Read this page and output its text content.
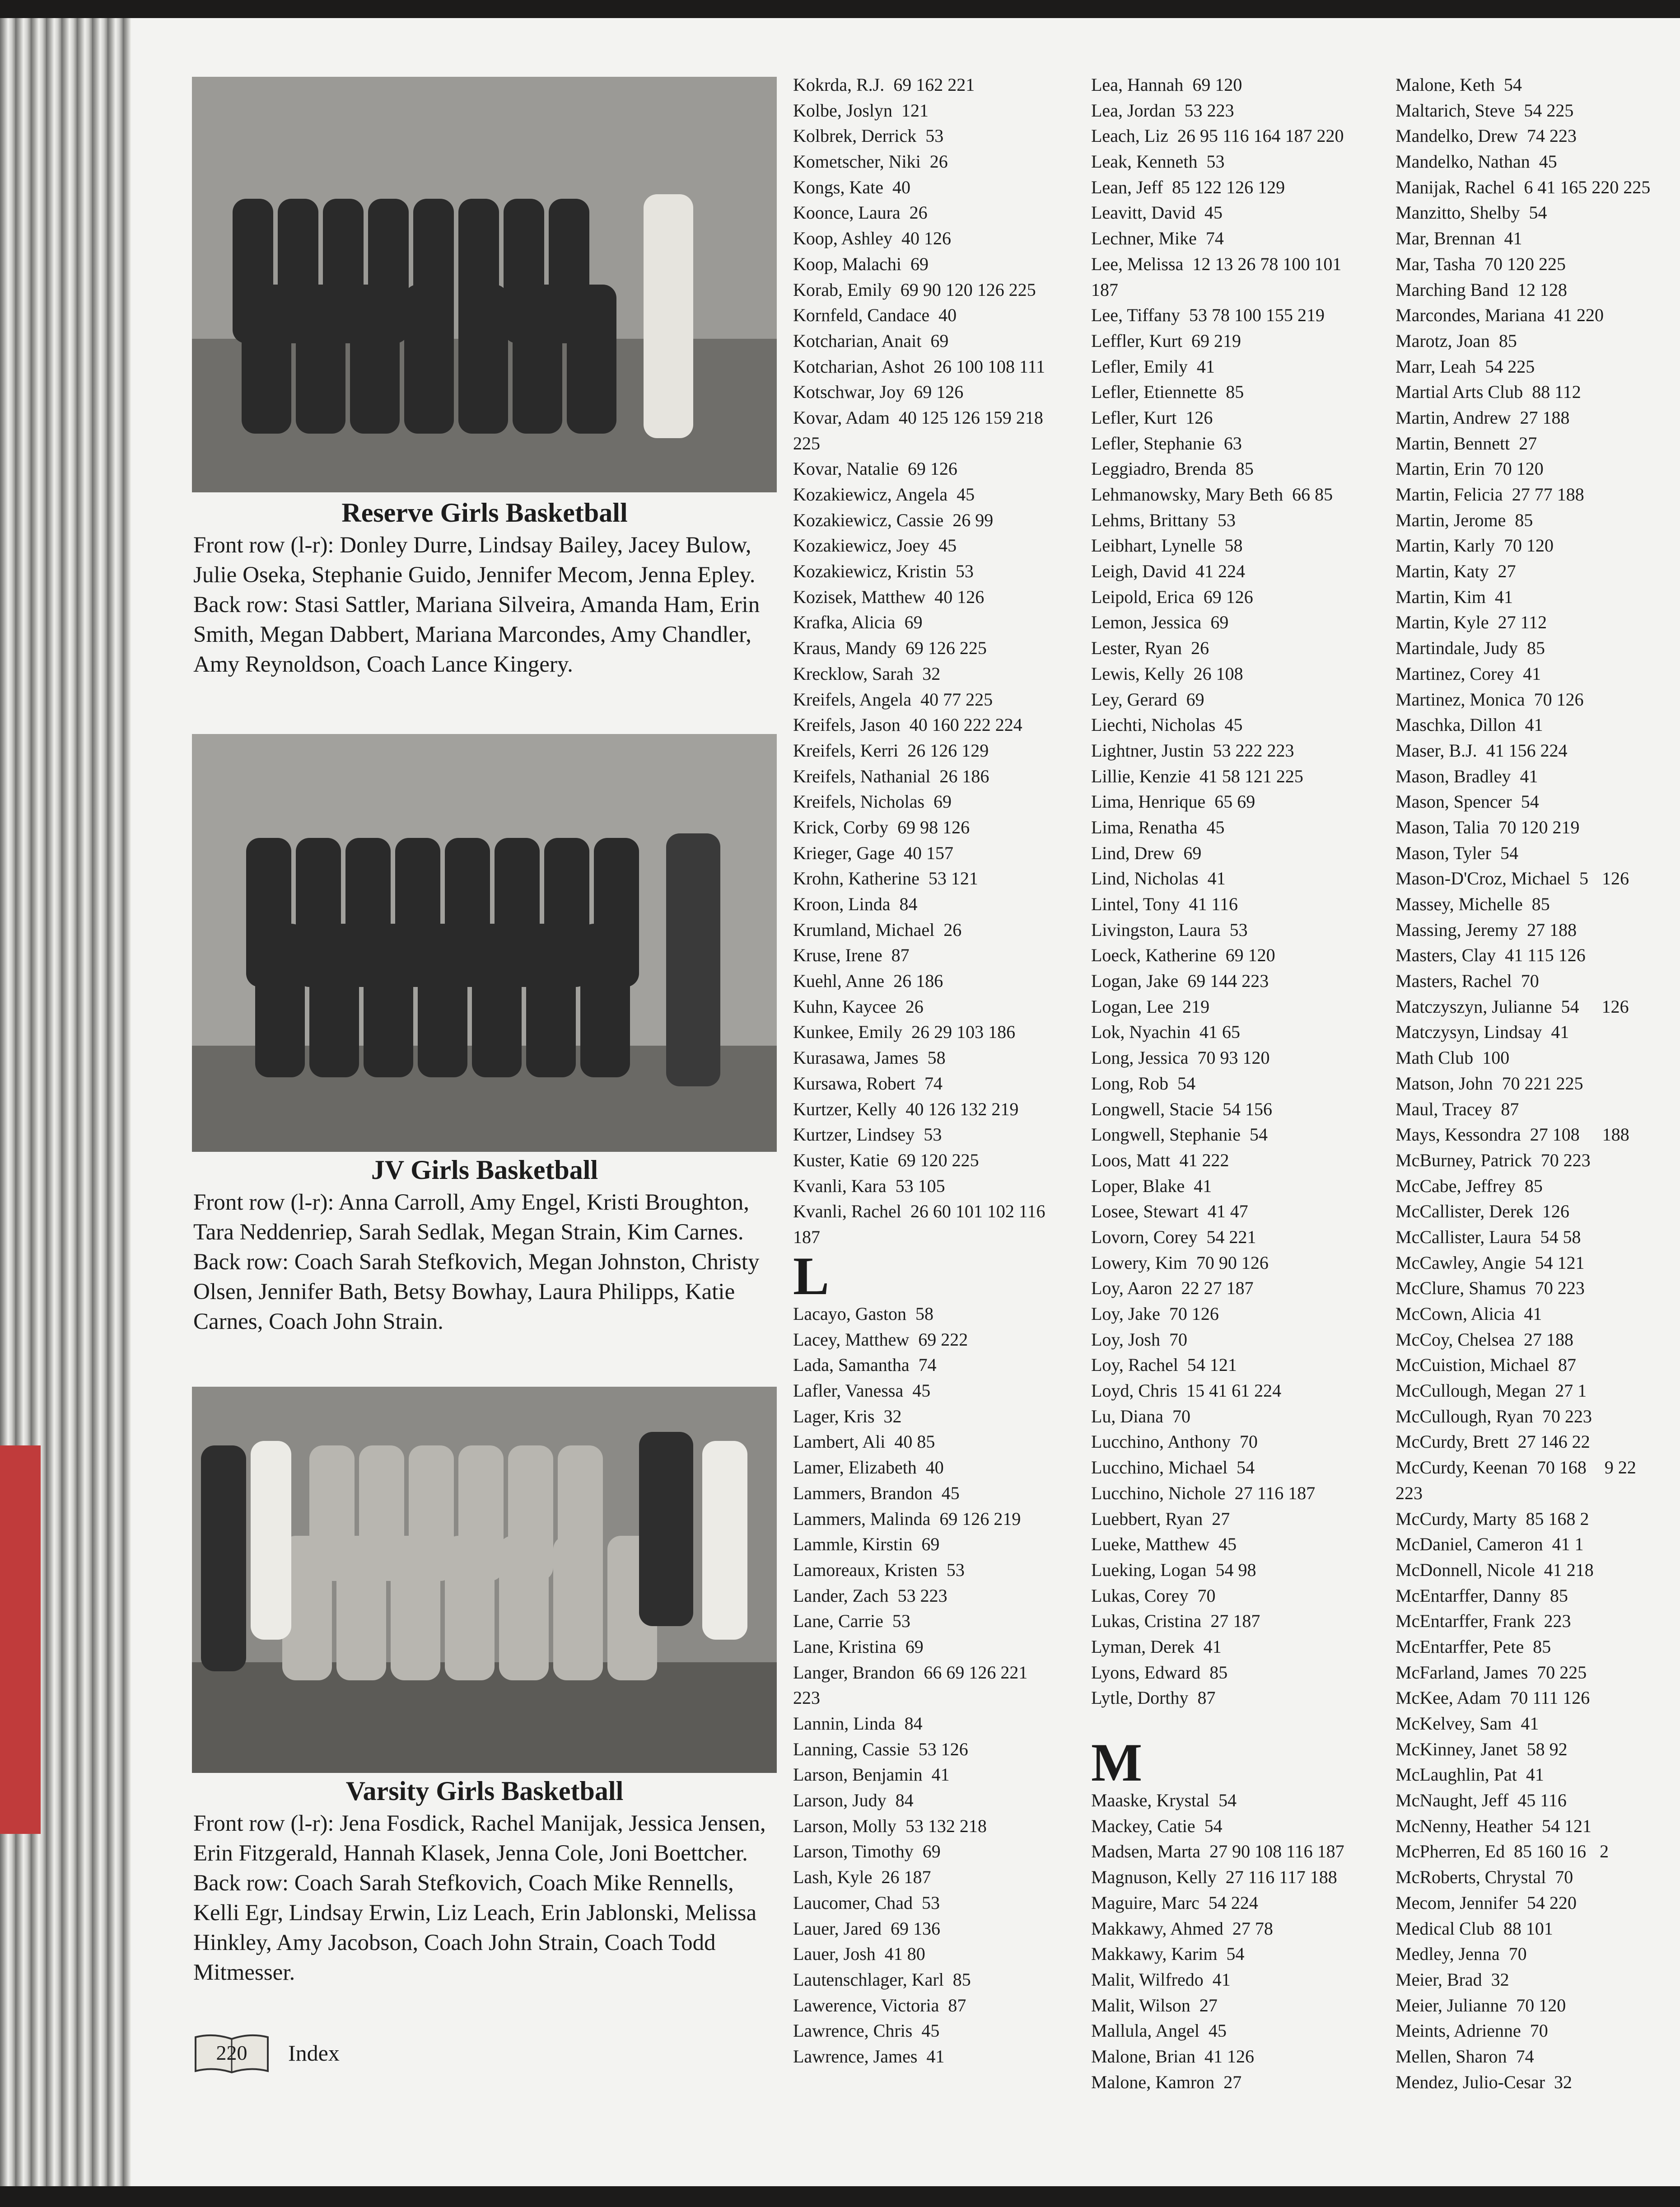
Reserve Girls Basketball
Front row (l-r): Donley Durre, Lindsay Bailey, Jacey Bulow, Julie Oseka, Stephanie Guido, Jennifer Mecom, Jenna Epley. Back row: Stasi Sattler, Mariana Silveira, Amanda Ham, Erin Smith, Megan Dabbert, Mariana Marcondes, Amy Chandler, Amy Reynoldson, Coach Lance Kingery.
JV Girls Basketball
Front row (l-r): Anna Carroll, Amy Engel, Kristi Broughton, Tara Neddenriep, Sarah Sedlak, Megan Strain, Kim Carnes. Back row: Coach Sarah Stefkovich, Megan Johnston, Christy Olsen, Jennifer Bath, Betsy Bowhay, Laura Philipps, Katie Carnes, Coach John Strain.
Varsity Girls Basketball
Front row (l-r): Jena Fosdick, Rachel Manijak, Jessica Jensen, Erin Fitzgerald, Hannah Klasek, Jenna Cole, Joni Boettcher. Back row: Coach Sarah Stefkovich, Coach Mike Rennells, Kelli Egr, Lindsay Erwin, Liz Leach, Erin Jablonski, Melissa Hinkley, Amy Jacobson, Coach John Strain, Coach Todd Mitmesser.
Kokrda, R.J.  69 162 221
Kolbe, Joslyn  121
Kolbrek, Derrick  53
Kometscher, Niki  26
Kongs, Kate  40
Koonce, Laura  26
Koop, Ashley  40 126
Koop, Malachi  69
Korab, Emily  69 90 120 126 225
Kornfeld, Candace  40
Kotcharian, Anait  69
Kotcharian, Ashot  26 100 108 111
Kotschwar, Joy  69 126
Kovar, Adam  40 125 126 159 218
225
Kovar, Natalie  69 126
Kozakiewicz, Angela  45
Kozakiewicz, Cassie  26 99
Kozakiewicz, Joey  45
Kozakiewicz, Kristin  53
Kozisek, Matthew  40 126
Krafka, Alicia  69
Kraus, Mandy  69 126 225
Krecklow, Sarah  32
Kreifels, Angela  40 77 225
Kreifels, Jason  40 160 222 224
Kreifels, Kerri  26 126 129
Kreifels, Nathanial  26 186
Kreifels, Nicholas  69
Krick, Corby  69 98 126
Krieger, Gage  40 157
Krohn, Katherine  53 121
Kroon, Linda  84
Krumland, Michael  26
Kruse, Irene  87
Kuehl, Anne  26 186
Kuhn, Kaycee  26
Kunkee, Emily  26 29 103 186
Kurasawa, James  58
Kursawa, Robert  74
Kurtzer, Kelly  40 126 132 219
Kurtzer, Lindsey  53
Kuster, Katie  69 120 225
Kvanli, Kara  53 105
Kvanli, Rachel  26 60 101 102 116
187
L
Lacayo, Gaston  58
Lacey, Matthew  69 222
Lada, Samantha  74
Lafler, Vanessa  45
Lager, Kris  32
Lambert, Ali  40 85
Lamer, Elizabeth  40
Lammers, Brandon  45
Lammers, Malinda  69 126 219
Lammle, Kirstin  69
Lamoreaux, Kristen  53
Lander, Zach  53 223
Lane, Carrie  53
Lane, Kristina  69
Langer, Brandon  66 69 126 221
223
Lannin, Linda  84
Lanning, Cassie  53 126
Larson, Benjamin  41
Larson, Judy  84
Larson, Molly  53 132 218
Larson, Timothy  69
Lash, Kyle  26 187
Laucomer, Chad  53
Lauer, Jared  69 136
Lauer, Josh  41 80
Lautenschlager, Karl  85
Lawerence, Victoria  87
Lawrence, Chris  45
Lawrence, James  41
Lea, Hannah  69 120
Lea, Jordan  53 223
Leach, Liz  26 95 116 164 187 220
Leak, Kenneth  53
Lean, Jeff  85 122 126 129
Leavitt, David  45
Lechner, Mike  74
Lee, Melissa  12 13 26 78 100 101
187
Lee, Tiffany  53 78 100 155 219
Leffler, Kurt  69 219
Lefler, Emily  41
Lefler, Etiennette  85
Lefler, Kurt  126
Lefler, Stephanie  63
Leggiadro, Brenda  85
Lehmanowsky, Mary Beth  66 85
Lehms, Brittany  53
Leibhart, Lynelle  58
Leigh, David  41 224
Leipold, Erica  69 126
Lemon, Jessica  69
Lester, Ryan  26
Lewis, Kelly  26 108
Ley, Gerard  69
Liechti, Nicholas  45
Lightner, Justin  53 222 223
Lillie, Kenzie  41 58 121 225
Lima, Henrique  65 69
Lima, Renatha  45
Lind, Drew  69
Lind, Nicholas  41
Lintel, Tony  41 116
Livingston, Laura  53
Loeck, Katherine  69 120
Logan, Jake  69 144 223
Logan, Lee  219
Lok, Nyachin  41 65
Long, Jessica  70 93 120
Long, Rob  54
Longwell, Stacie  54 156
Longwell, Stephanie  54
Loos, Matt  41 222
Loper, Blake  41
Losee, Stewart  41 47
Lovorn, Corey  54 221
Lowery, Kim  70 90 126
Loy, Aaron  22 27 187
Loy, Jake  70 126
Loy, Josh  70
Loy, Rachel  54 121
Loyd, Chris  15 41 61 224
Lu, Diana  70
Lucchino, Anthony  70
Lucchino, Michael  54
Lucchino, Nichole  27 116 187
Luebbert, Ryan  27
Lueke, Matthew  45
Lueking, Logan  54 98
Lukas, Corey  70
Lukas, Cristina  27 187
Lyman, Derek  41
Lyons, Edward  85
Lytle, Dorthy  87
M
Maaske, Krystal  54
Mackey, Catie  54
Madsen, Marta  27 90 108 116 187
Magnuson, Kelly  27 116 117 188
Maguire, Marc  54 224
Makkawy, Ahmed  27 78
Makkawy, Karim  54
Malit, Wilfredo  41
Malit, Wilson  27
Mallula, Angel  45
Malone, Brian  41 126
Malone, Kamron  27
Malone, Keth  54
Maltarich, Steve  54 225
Mandelko, Drew  74 223
Mandelko, Nathan  45
Manijak, Rachel  6 41 165 220 225
Manzitto, Shelby  54
Mar, Brennan  41
Mar, Tasha  70 120 225
Marching Band  12 128
Marcondes, Mariana  41 220
Marotz, Joan  85
Marr, Leah  54 225
Martial Arts Club  88 112
Martin, Andrew  27 188
Martin, Bennett  27
Martin, Erin  70 120
Martin, Felicia  27 77 188
Martin, Jerome  85
Martin, Karly  70 120
Martin, Katy  27
Martin, Kim  41
Martin, Kyle  27 112
Martindale, Judy  85
Martinez, Corey  41
Martinez, Monica  70 126
Maschka, Dillon  41
Maser, B.J.  41 156 224
Mason, Bradley  41
Mason, Spencer  54
Mason, Talia  70 120 219
Mason, Tyler  54
Mason-D'Croz, Michael  5   126
Massey, Michelle  85
Massing, Jeremy  27 188
Masters, Clay  41 115 126
Masters, Rachel  70
Matczyszyn, Julianne  54     126
Matczysyn, Lindsay  41
Math Club  100
Matson, John  70 221 225
Maul, Tracey  87
Mays, Kessondra  27 108     188
McBurney, Patrick  70 223
McCabe, Jeffrey  85
McCallister, Derek  126
McCallister, Laura  54 58
McCawley, Angie  54 121
McClure, Shamus  70 223
McCown, Alicia  41
McCoy, Chelsea  27 188
McCuistion, Michael  87
McCullough, Megan  27 1
McCullough, Ryan  70 223
McCurdy, Brett  27 146 22
McCurdy, Keenan  70 168    9 22
223
McCurdy, Marty  85 168 2
McDaniel, Cameron  41 1
McDonnell, Nicole  41 218
McEntarffer, Danny  85
McEntarffer, Frank  223
McEntarffer, Pete  85
McFarland, James  70 225
McKee, Adam  70 111 126
McKelvey, Sam  41
McKinney, Janet  58 92
McLaughlin, Pat  41
McNaught, Jeff  45 116
McNenny, Heather  54 121
McPherren, Ed  85 160 16   2
McRoberts, Chrystal  70
Mecom, Jennifer  54 220
Medical Club  88 101
Medley, Jenna  70
Meier, Brad  32
Meier, Julianne  70 120
Meints, Adrienne  70
Mellen, Sharon  74
Mendez, Julio-Cesar  32
220	Index
